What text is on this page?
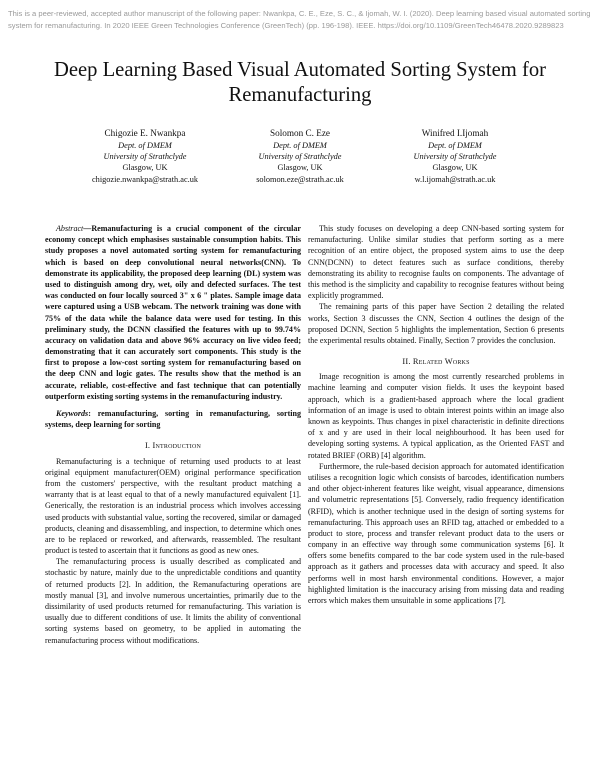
This is a peer-reviewed, accepted author manuscript of the following paper: Nwankpa, C. E., Eze, S. C., & Ijomah, W. I. (2020). Deep learning based visual automated sorting system for remanufacturing. In 2020 IEEE Green Technologies Conference (GreenTech) (pp. 196-198). IEEE. https://doi.org/10.1109/GreenTech46478.2020.9289823
Deep Learning Based Visual Automated Sorting System for Remanufacturing
Chigozie E. Nwankpa
Dept. of DMEM
University of Strathclyde
Glasgow, UK
chigozie.nwankpa@strath.ac.uk
Solomon C. Eze
Dept. of DMEM
University of Strathclyde
Glasgow, UK
solomon.eze@strath.ac.uk
Winifred I.Ijomah
Dept. of DMEM
University of Strathclyde
Glasgow, UK
w.l.ijomah@strath.ac.uk

Abstract—Remanufacturing is a crucial component of the circular economy concept which emphasises sustainable consumption habits. This study proposes a novel automated sorting system for remanufacturing which is based on deep convolutional neural networks(CNN). To demonstrate its applicability, the proposed deep learning (DL) system was used to distinguish among dry, wet, oily and defected surfaces. The test was conducted on four locally sourced 3" x 6 " plates. Sample image data were captured using a USB webcam. The network training was done with 75% of the data while the balance data were used for testing. In this preliminary study, the DCNN classified the features with up to 99.74% accuracy on validation data and above 96% accuracy on live video feed; demonstrating that it can accurately sort components. This study is the first to propose a low-cost sorting system for remanufacturing based on the deep CNN and logic gates. The results show that the method is an accurate, reliable, cost-effective and fast technique that can potentially outperform existing sorting systems in the remanufacturing industry.

Keywords: remanufacturing, sorting in remanufacturing, sorting systems, deep learning for sorting

I. Introduction

Remanufacturing is a technique of returning used products to at least original equipment manufacturer(OEM) original performance specification from the customers' perspective, with the resultant product matching a warranty that is at least equal to that of a newly manufactured equivalent [1]. Generically, the restoration is an industrial process which involves accessing used products with substantial value, sorting the recovered, similar or damaged products, cleaning and disassembling, and inspection, to determine which ones are to be replaced or reworked, and afterwards, reassembled. The resultant product is tested to ascertain that it functions as good as new ones.

The remanufacturing process is usually described as complicated and stochastic by nature, mainly due to the unpredictable conditions and quantity of returned products [2]. In addition, the Remanufacturing operations are mostly manual [3], and involve numerous uncertainties, primarily due to the dissimilarity of used products returned for remanufacturing. This variation is usually due to different conditions of use. It limits the ability of conventional sorting systems based on geometry, to be applied in automating the remanufacturing process without modifications.

This study focuses on developing a deep CNN-based sorting system for remanufacturing. Unlike similar studies that perform sorting as a mere recognition of an entire object, the proposed system aims to use the deep CNN(DCNN) to detect features such as surface conditions, thereby demonstrating its ability to recognise faults on components. The advantage of this method is the simplicity and capability to recognise features without being explicitly programmed.

The remaining parts of this paper have Section 2 detailing the related works, Section 3 discusses the CNN, Section 4 outlines the design of the proposed DCNN, Section 5 highlights the implementation, Section 6 presents the experimental results obtained. Finally, Section 7 provides the conclusion.

II. Related Works

Image recognition is among the most currently researched problems in machine learning and computer vision fields. It uses the keypoint based approach, which is a gradient-based approach where the local gradient information of an image is used to obtain interest points within an image also known as keypoints. Thus changes in pixel characteristic in definite directions of x and y are used in their local neighbourhood. It has been used for developing sorting systems. A typical application, as the Oriented FAST and rotated BRIEF (ORB) [4] algorithm.

Furthermore, the rule-based decision approach for automated identification utilises a recognition logic which consists of barcodes, identification numbers and other object-inherent features like weight, visual appearance, dimensions and volumetric representations [5]. Conversely, radio frequency identification (RFID), which is another technique used in the design of sorting systems for remanufacturing. This approach uses an RFID tag, attached or embedded to a product to store, process and transfer relevant product data to the users or company in an effective way through some communication systems [6]. It offers some benefits compared to the bar code system used in the rule-based approach as it gathers and processes data with accuracy and speed. It also performs well in most harsh environmental conditions. However, a major highlighted limitation is the inaccuracy arising from missing data and reading errors which makes them unsuitable in some applications [7].
